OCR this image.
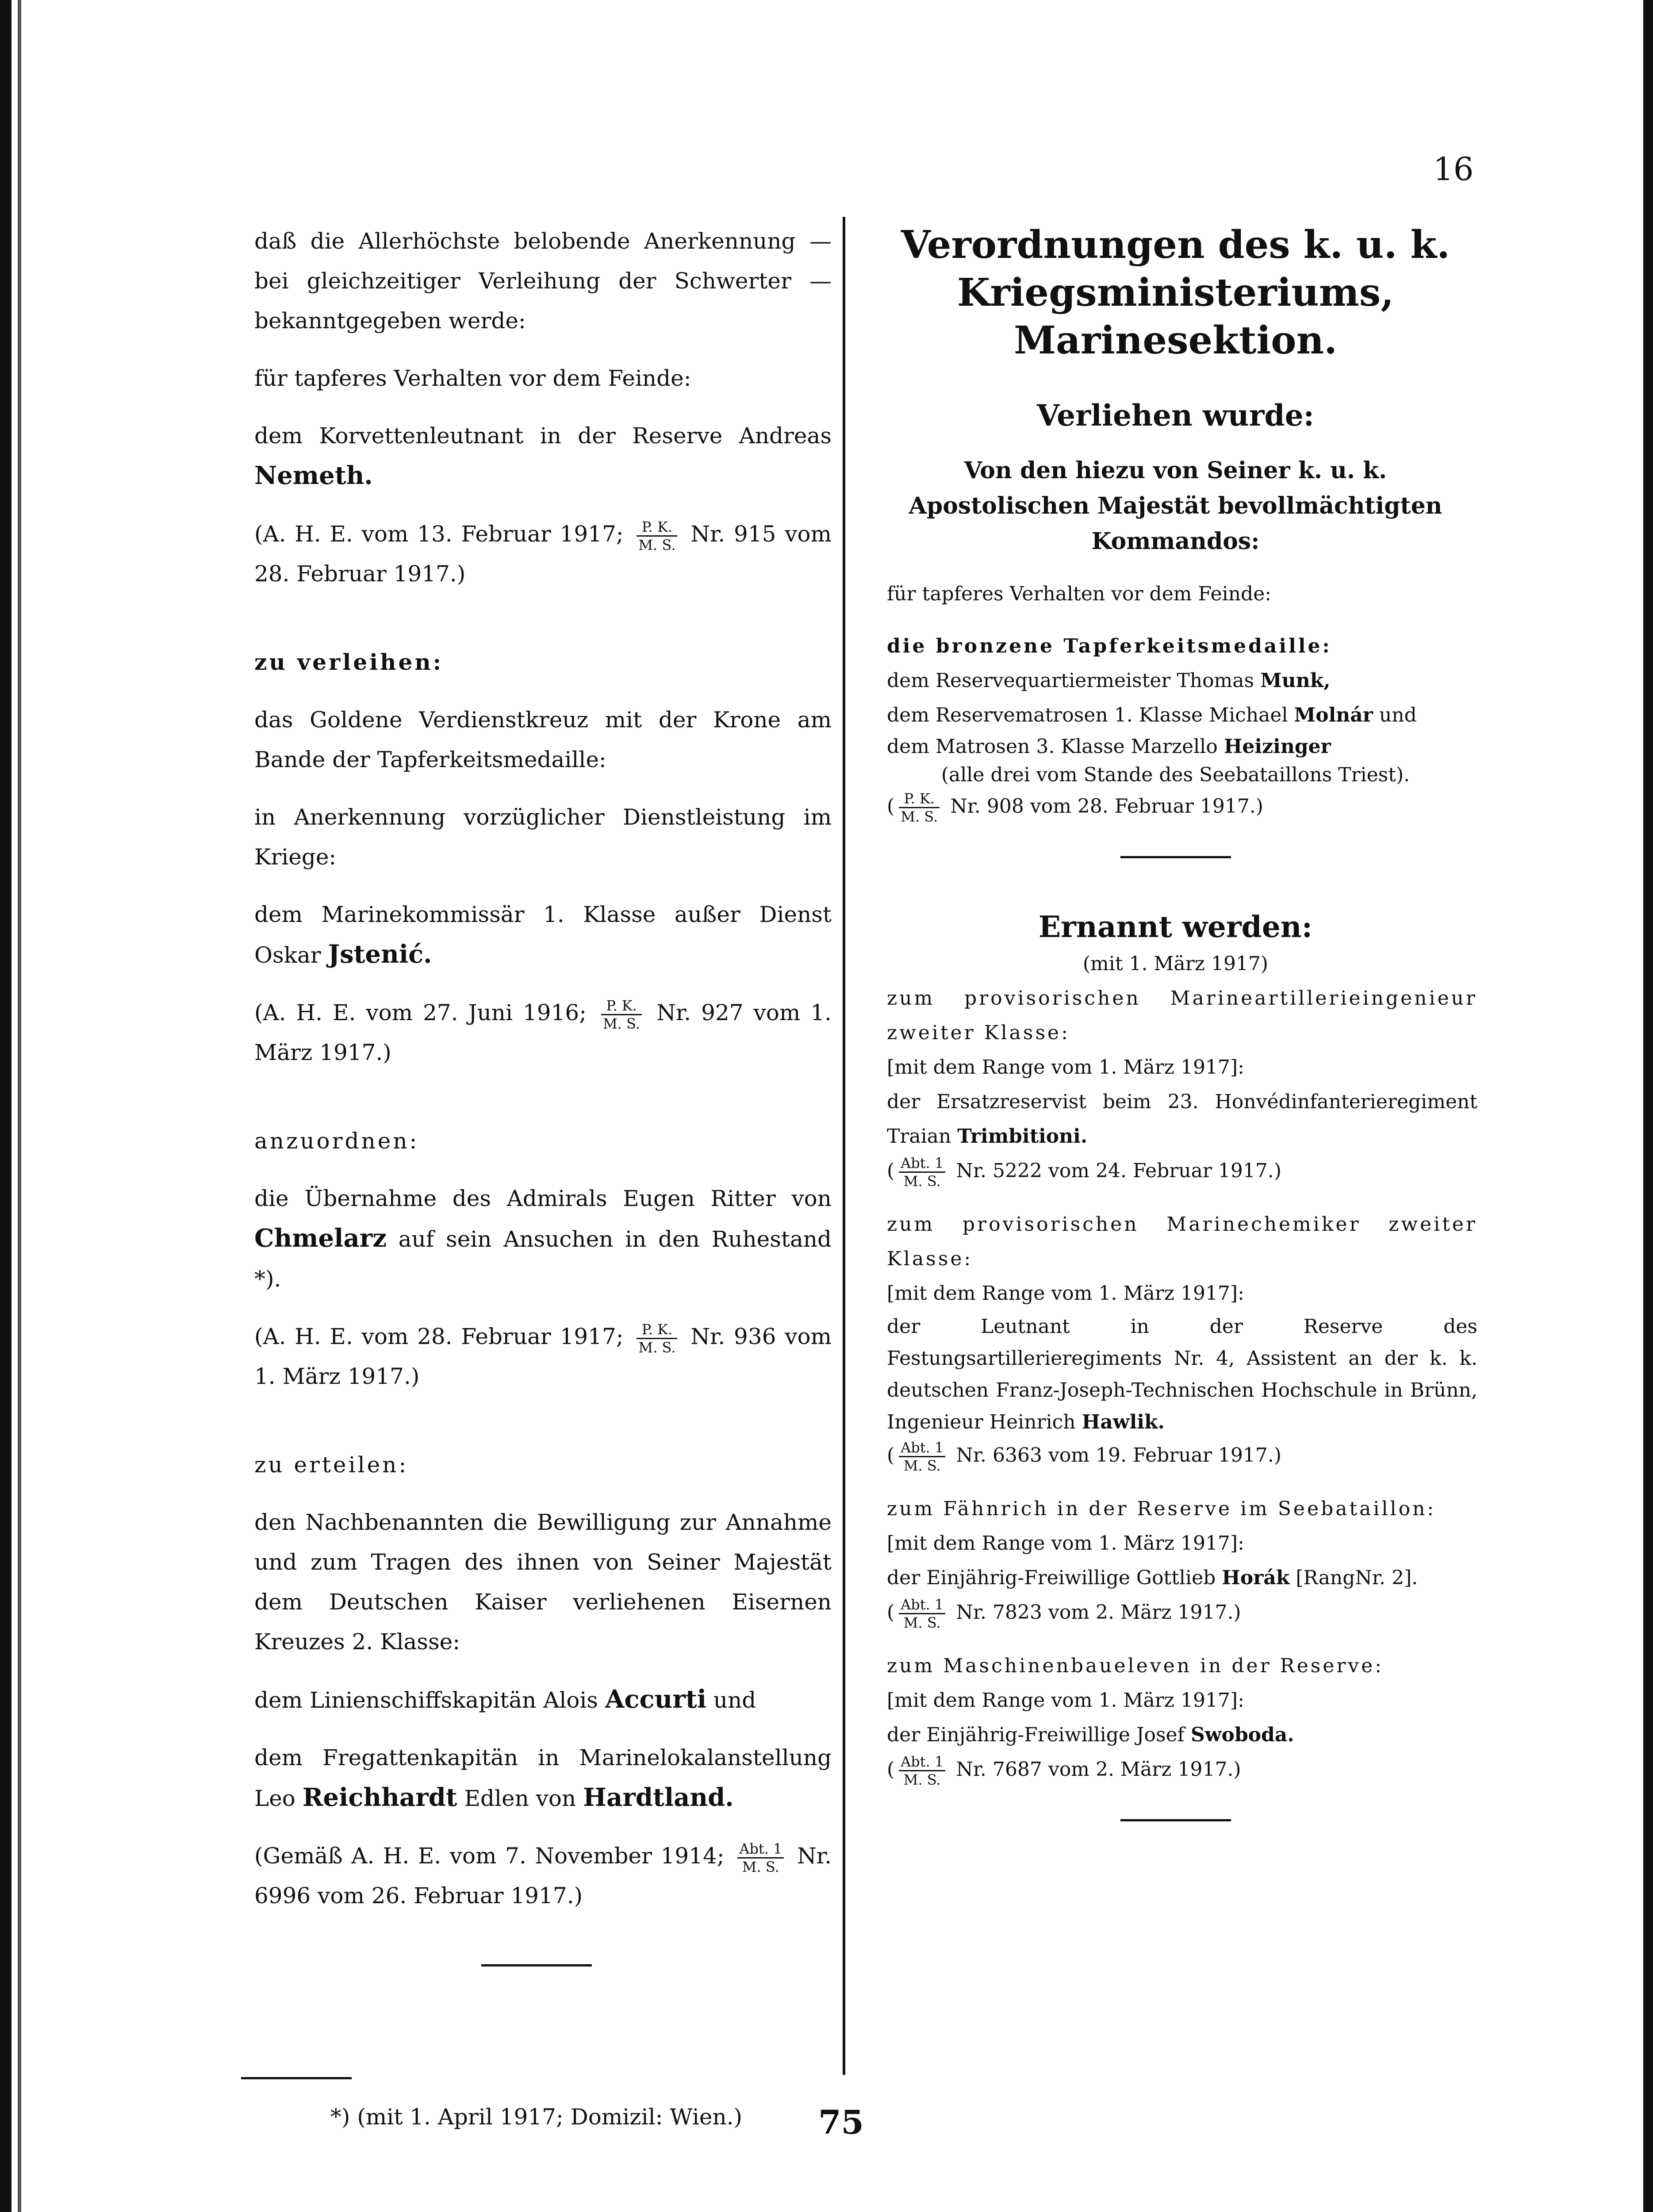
16

daß die Allerhöchste belobende Anerkennung — bei gleichzeitiger Verleihung der Schwerter — bekanntgegeben werde:

für tapferes Verhalten vor dem Feinde:

dem Korvettenleutnant in der Reserve Andreas Nemeth.

(A. H. E. vom 13. Februar 1917; $\frac{P. K.}{M. S.} Nr$. 915 vom 28. Februar 1917.)

zu verleihen:

das Goldene Verdienstkreuz mit der Krone am Bande der Tapferkeitsmedaille:

in Anerkennung vorzüglicher Dienstleistung im Kriege:

dem Marinekommissär 1. Klasse außer Dienst Oskar Jstenić.

(A. H. E. vom 27. Juni 1916; $\frac{P. K.}{M. S.} Nr$. 927 vom 1. März 1917.)

anzuordnen:

die Übernahme des Admirals Eugen Ritter von Chmelarz auf sein Ansuchen in den Ruhestand *).

(A. H. E. vom 28. Februar 1917; $\frac{P. K.}{M. S.} Nr$. 936 vom 1. März 1917.)

zu erteilen:

den Nachbenannten die Bewilligung zur Annahme und zum Tragen des ihnen von Seiner Majestät dem Deutschen Kaiser verliehenen Eisernen Kreuzes 2. Klasse:

dem Linienschiffskapitän Alois Accurti und

dem Fregattenkapitän in Marinelokalanstellung Leo Reichhardt Edlen von Hardtland.

(Gemäß A. H. E. vom 7. November 1914; $\frac{\text{Abt. 1}}{M. S.} Nr$. 6996 vom 26. Februar 1917.)

*) (mit 1. April 1917; Domizil: Wien.)

Verordnungen des k. u. k. Kriegsministeriums, Marinesektion.

Verliehen wurde:

Von den hiezu von Seiner k. u. k. Apostolischen Majestät bevollmächtigten Kommandos:

für tapferes Verhalten vor dem Feinde:

die bronzene Tapferkeitsmedaille:

dem Reservequartiermeister Thomas Munk,

dem Reservematrosen 1. Klasse Michael Molnár und

dem Matrosen 3. Klasse Marzello Heizinger

(alle drei vom Stande des Seebataillons Triest).

( $\frac{P. K.}{M. S.} Nr$. 908 vom 28. Februar 1917.)

Ernannt werden:

(mit 1. März 1917)

zum provisorischen Marineartillerieingenieur zweiter Klasse:

[mit dem Range vom 1. März 1917]:

der Ersatzreservist beim 23. Honvédinfanterieregiment Traian Trimbitioni.

( $\frac{\text{Abt. 1}}{M. S.} Nr$. 5222 vom 24. Februar 1917.)

zum provisorischen Marinechemiker zweiter Klasse:

[mit dem Range vom 1. März 1917]:

der Leutnant in der Reserve des Festungsartillerieregiments Nr. 4, Assistent an der k. k. deutschen Franz-Joseph-Technischen Hochschule in Brünn, Ingenieur Heinrich Hawlik.

( $\frac{\text{Abt. 1}}{M. S.} Nr$. 6363 vom 19. Februar 1917.)

zum Fähnrich in der Reserve im Seebataillon:

[mit dem Range vom 1. März 1917]:

der Einjährig-Freiwillige Gottlieb Horák [RangNr. 2].

( $\frac{\text{Abt. 1}}{M. S.} Nr$. 7823 vom 2. März 1917.)

zum Maschinenbaueleven in der Reserve:

[mit dem Range vom 1. März 1917]:

der Einjährig-Freiwillige Josef Swoboda.

( $\frac{\text{Abt. 1}}{M. S.} Nr$. 7687 vom 2. März 1917.)

75
